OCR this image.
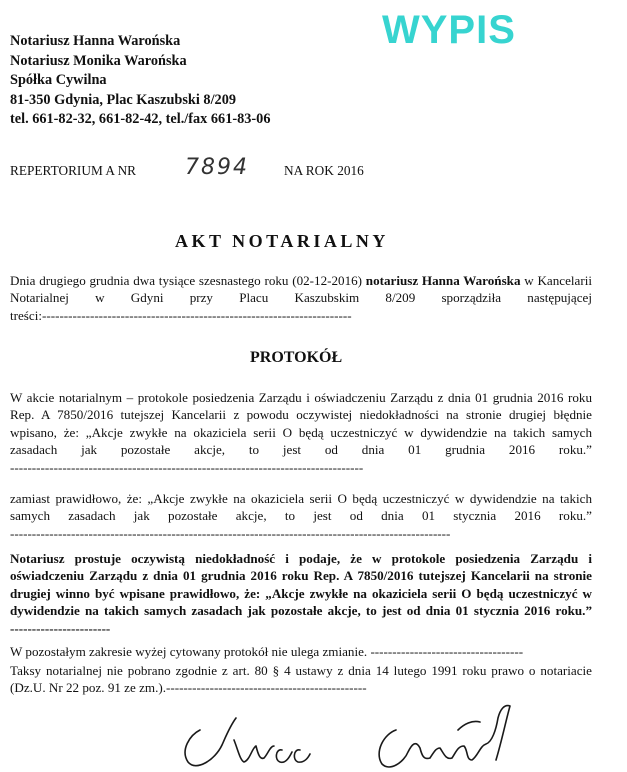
WYPIS
Notariusz Hanna Warońska
Notariusz Monika Warońska
Spółka Cywilna
81-350 Gdynia, Plac Kaszubski 8/209
tel. 661-82-32, 661-82-42, tel./fax 661-83-06
REPERTORIUM A NR 7894	NA ROK 2016
AKT NOTARIALNY
Dnia drugiego grudnia dwa tysiące szesnastego roku (02-12-2016) notariusz Hanna Warońska w Kancelarii Notarialnej w Gdyni przy Placu Kaszubskim 8/209 sporządziła następującej treści:-----------------------------------------------------------------------
PROTOKÓŁ
W akcie notarialnym – protokole posiedzenia Zarządu i oświadczeniu Zarządu z dnia 01 grudnia 2016 roku Rep. A 7850/2016 tutejszej Kancelarii z powodu oczywistej niedokładności na stronie drugiej błędnie wpisano, że: „Akcje zwykłe na okaziciela serii O będą uczestniczyć w dywidendzie na takich samych zasadach jak pozostałe akcje, to jest od dnia 01 grudnia 2016 roku.” ---------------------------------------------------------------------------------
zamiast prawidłowo, że: „Akcje zwykłe na okaziciela serii O będą uczestniczyć w dywidendzie na takich samych zasadach jak pozostałe akcje, to jest od dnia 01 stycznia 2016 roku.” -----------------------------------------------------------------------------------------------------
Notariusz prostuje oczywistą niedokładność i podaje, że w protokole posiedzenia Zarządu i oświadczeniu Zarządu z dnia 01 grudnia 2016 roku Rep. A 7850/2016 tutejszej Kancelarii na stronie drugiej winno być wpisane prawidłowo, że: „Akcje zwykłe na okaziciela serii O będą uczestniczyć w dywidendzie na takich samych zasadach jak pozostałe akcje, to jest od dnia 01 stycznia 2016 roku.” -----------------------
W pozostałym zakresie wyżej cytowany protokół nie ulega zmianie. -----------------------------------
Taksy notarialnej nie pobrano zgodnie z art. 80 § 4 ustawy z dnia 14 lutego 1991 roku prawo o notariacie (Dz.U. Nr 22 poz. 91 ze zm.).----------------------------------------------
